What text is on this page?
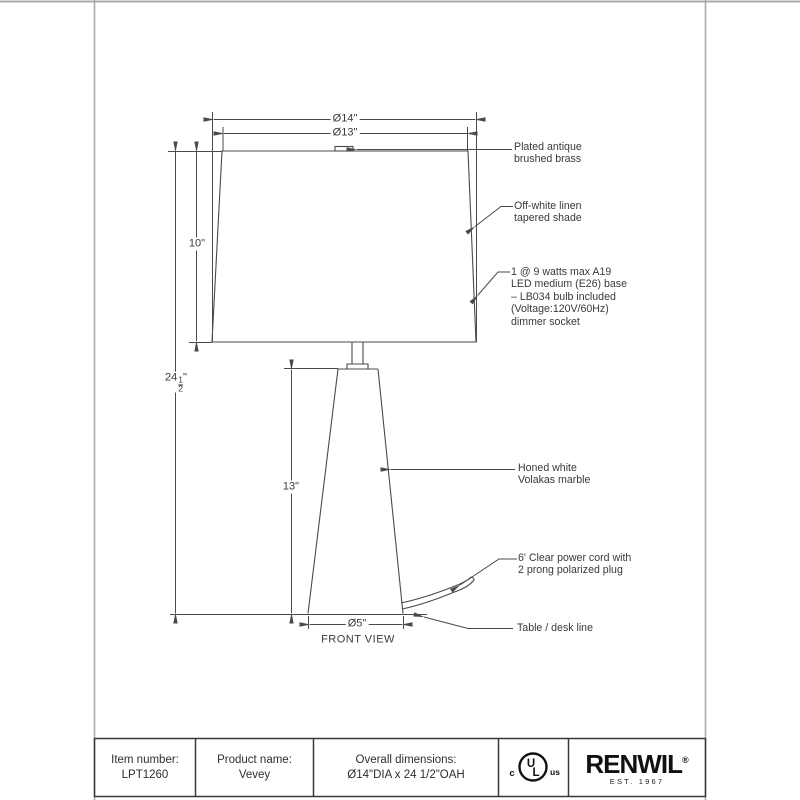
Ø14"
Ø13"
10"
$24 \frac{1}{2}$ "
13"
Ø5"
FRONT VIEW
Plated antique
brushed brass
Off-white linen
tapered shade
1 @ 9 watts max A19
LED medium (E26) base
– LB034 bulb included
(Voltage:120V/60Hz)
dimmer socket
Honed white
Volakas marble
6' Clear power cord with
2 prong polarized plug
Table / desk line
Item number:
LPT1260
Product name:
Vevey
Overall dimensions:
Ø14"DIA x 24 1/2"OAH
U
L
c	us RENWIL®
EST. 1967
